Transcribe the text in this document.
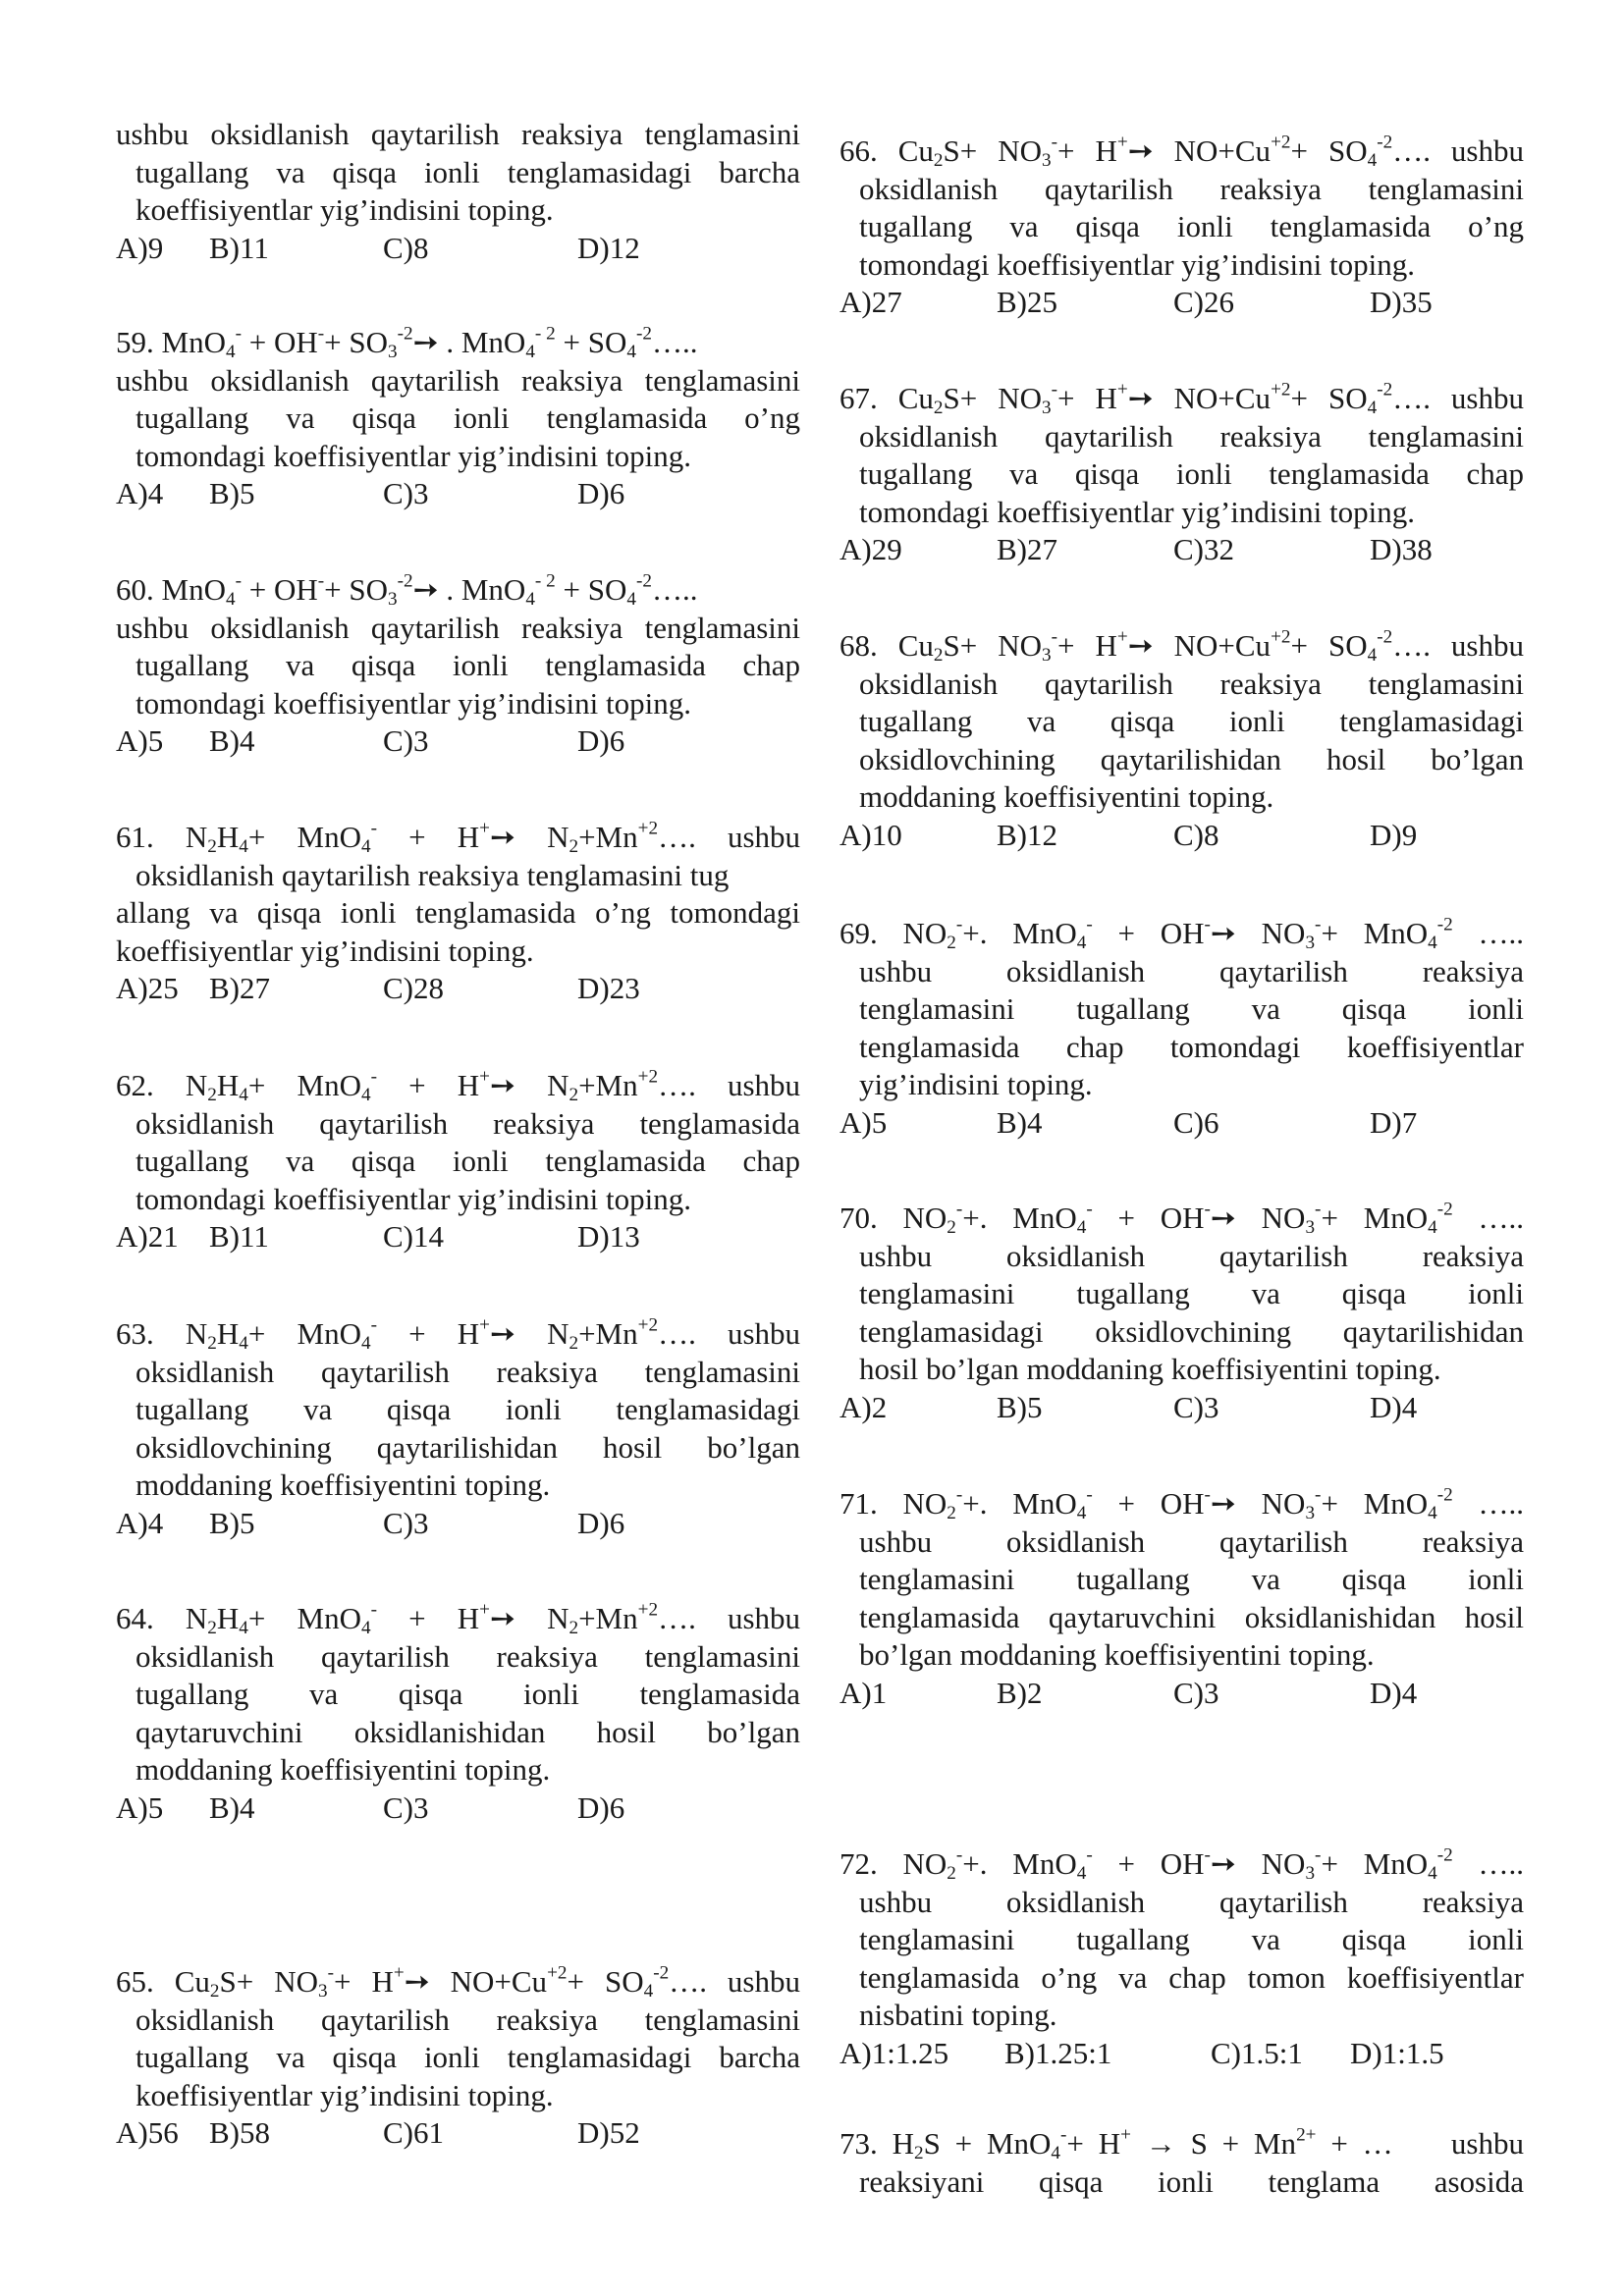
ushbu oksidlanish qaytarilish reaksiya tenglamasini
tugallang va qisqa ionli tenglamasidagi barcha
koeffisiyentlar yig’indisini toping.
A)9 B)11	C)8	D)12
59. $MnO_4^- + OH^-+ SO_3^{-2}➙$ . $MnO_4^{- 2} + SO_4^{-2}\dots$..
ushbu oksidlanish qaytarilish reaksiya tenglamasini
tugallang va qisqa ionli tenglamasida o’ng
tomondagi koeffisiyentlar yig’indisini toping.
A)4 B)5	C)3	D)6
60. $MnO_4^- + OH^-+ SO_3^{-2}➙$ . $MnO_4^{- 2} + SO_4^{-2}\dots$..
ushbu oksidlanish qaytarilish reaksiya tenglamasini
tugallang va qisqa ionli tenglamasida chap
tomondagi koeffisiyentlar yig’indisini toping.
A)5 B)4	C)3	D)6
61. $N_2H_4+ MnO_4^-$ + H+➙ $N_2+Mn^{+2}\dots$. ushbu
oksidlanish qaytarilish reaksiya tenglamasini tug
allang va qisqa ionli tenglamasida o’ng tomondagi
koeffisiyentlar yig’indisini toping.
A)25 B)27	C)28	D)23
62. $N_2H_4+ MnO_4^-$ + H+➙ $N_2+Mn^{+2}\dots$. ushbu
oksidlanish qaytarilish reaksiya tenglamasida
tugallang va qisqa ionli tenglamasida chap
tomondagi koeffisiyentlar yig’indisini toping.
A)21 B)11	C)14	D)13
63. $N_2H_4+ MnO_4^-$ + H+➙ $N_2+Mn^{+2}\dots$. ushbu
oksidlanish qaytarilish reaksiya tenglamasini
tugallang va qisqa ionli tenglamasidagi
oksidlovchining qaytarilishidan hosil bo’lgan
moddaning koeffisiyentini toping.
A)4 B)5	C)3	D)6
64. $N_2H_4+ MnO_4^-$ + H+➙ $N_2+Mn^{+2}\dots$. ushbu
oksidlanish qaytarilish reaksiya tenglamasini
tugallang va qisqa ionli tenglamasida
qaytaruvchini oksidlanishidan hosil bo’lgan
moddaning koeffisiyentini toping.
A)5 B)4	C)3	D)6
65. $Cu_2S+ NO_3^-+$ H+➙ $NO+Cu^{+2}+$ $SO_4^{-2}\dots$. ushbu
oksidlanish qaytarilish reaksiya tenglamasini
tugallang va qisqa ionli tenglamasidagi barcha
koeffisiyentlar yig’indisini toping.
A)56 B)58	C)61	D)52
66. $Cu_2S+ NO_3^-+$ H+➙ $NO+Cu^{+2}+$ $SO_4^{-2}\dots$. ushbu
oksidlanish qaytarilish reaksiya tenglamasini
tugallang va qisqa ionli tenglamasida o’ng
tomondagi koeffisiyentlar yig’indisini toping.
A)27	B)25	C)26	D)35
67. $Cu_2S+ NO_3^-+$ H+➙ $NO+Cu^{+2}+$ $SO_4^{-2}\dots$. ushbu
oksidlanish qaytarilish reaksiya tenglamasini
tugallang va qisqa ionli tenglamasida chap
tomondagi koeffisiyentlar yig’indisini toping.
A)29	B)27	C)32	D)38
68. $Cu_2S+ NO_3^-+$ H+➙ $NO+Cu^{+2}+$ $SO_4^{-2}\dots$. ushbu
oksidlanish qaytarilish reaksiya tenglamasini
tugallang va qisqa ionli tenglamasidagi
oksidlovchining qaytarilishidan hosil bo’lgan
moddaning koeffisiyentini toping.
A)10	B)12	C)8	D)9
69. $NO_2^-+$. MnO$_4$- + OH-➙ $NO_3^-+ MnO_4^{-2}$ …..
ushbu oksidlanish qaytarilish reaksiya
tenglamasini tugallang va qisqa ionli
tenglamasida chap tomondagi koeffisiyentlar
yig’indisini toping.
A)5	B)4	C)6	D)7
70. $NO_2^-+$. MnO$_4$- + OH-➙ $NO_3^-+ MnO_4^{-2}$ …..
ushbu oksidlanish qaytarilish reaksiya
tenglamasini tugallang va qisqa ionli
tenglamasidagi oksidlovchining qaytarilishidan
hosil bo’lgan moddaning koeffisiyentini toping.
A)2	B)5	C)3	D)4
71. $NO_2^-+$. MnO$_4$- + OH-➙ $NO_3^-+ MnO_4^{-2}$ …..
ushbu oksidlanish qaytarilish reaksiya
tenglamasini tugallang va qisqa ionli
tenglamasida qaytaruvchini oksidlanishidan hosil
bo’lgan moddaning koeffisiyentini toping.
A)1	B)2	C)3	D)4
72. $NO_2^-+$. MnO$_4$- + OH-➙ $NO_3^-+ MnO_4^{-2}$ …..
ushbu oksidlanish qaytarilish reaksiya
tenglamasini tugallang va qisqa ionli
tenglamasida o’ng va chap tomon koeffisiyentlar
nisbatini toping.
A)1:1.25 B)1.25:1	C)1.5:1 D)1:1.5
73. $H_2S + MnO_4^-+ H^+ \to S + Mn^{2+}$ + …    ushbu
reaksiyani qisqa ionli tenglama asosida
